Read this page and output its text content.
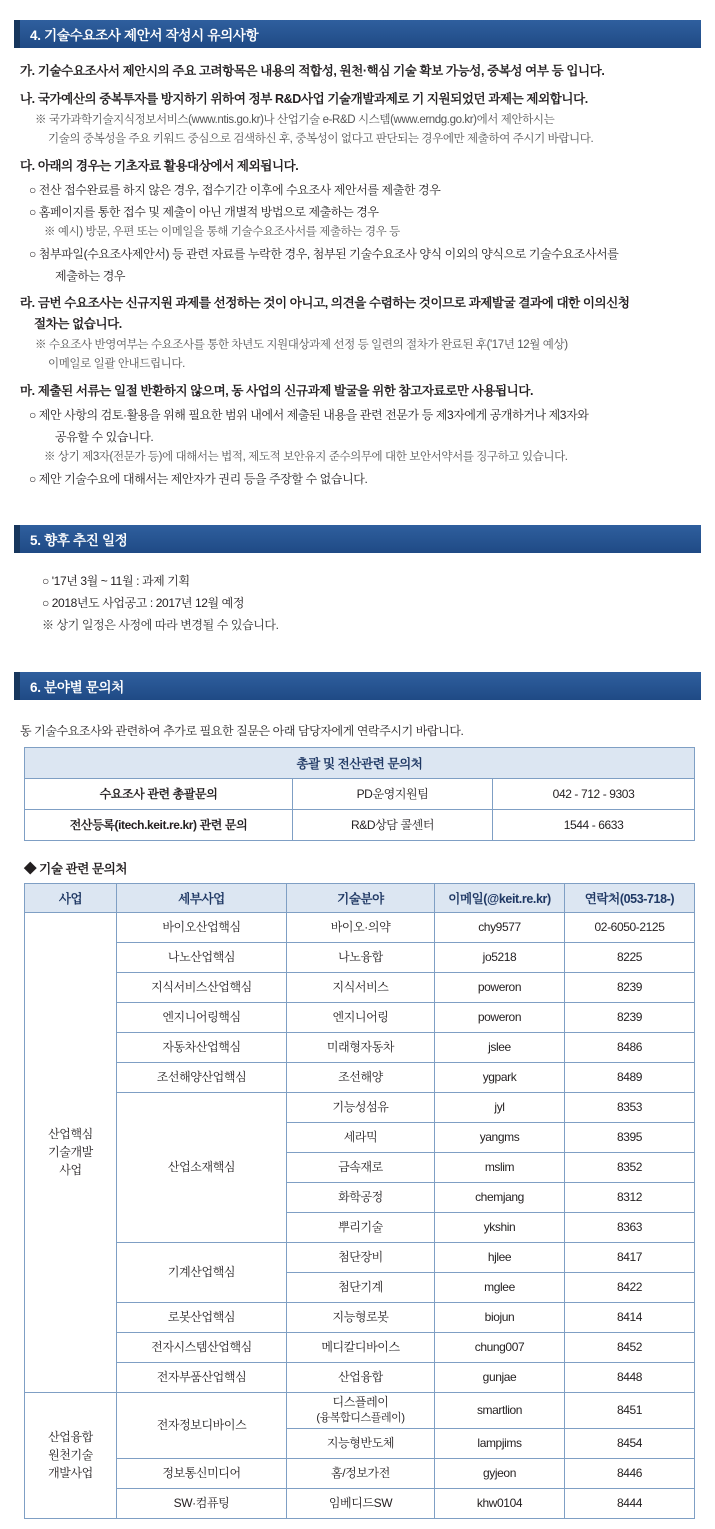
4. 기술수요조사 제안서 작성시 유의사항
가. 기술수요조사서 제안시의 주요 고려항목은 내용의 적합성, 원천·핵심 기술 확보 가능성, 중복성 여부 등 입니다.
나. 국가예산의 중복투자를 방지하기 위하여 정부 R&D사업 기술개발과제로 기 지원되었던 과제는 제외합니다.
※ 국가과학기술지식정보서비스(www.ntis.go.kr)나 산업기술 e-R&D 시스템(www.erndg.go.kr)에서 제안하시는
기술의 중복성을 주요 키워드 중심으로 검색하신 후, 중복성이 없다고 판단되는 경우에만 제출하여 주시기 바랍니다.
다. 아래의 경우는 기초자료 활용대상에서 제외됩니다.
○ 전산 접수완료를 하지 않은 경우, 접수기간 이후에 수요조사 제안서를 제출한 경우
○ 홈페이지를 통한 접수 및 제출이 아닌 개별적 방법으로 제출하는 경우
※ 예시) 방문, 우편 또는 이메일을 통해 기술수요조사서를 제출하는 경우 등
○ 첨부파일(수요조사제안서) 등 관련 자료를 누락한 경우, 첨부된 기술수요조사 양식 이외의 양식으로 기술수요조사서를
제출하는 경우
라. 금번 수요조사는 신규지원 과제를 선정하는 것이 아니고, 의견을 수렴하는 것이므로 과제발굴 결과에 대한 이의신청
절차는 없습니다.
※ 수요조사 반영여부는 수요조사를 통한 차년도 지원대상과제 선정 등 일련의 절차가 완료된 후('17년 12월 예상)
이메일로 일괄 안내드립니다.
마. 제출된 서류는 일절 반환하지 않으며, 동 사업의 신규과제 발굴을 위한 참고자료로만 사용됩니다.
○ 제안 사항의 검토·활용을 위해 필요한 범위 내에서 제출된 내용을 관련 전문가 등 제3자에게 공개하거나 제3자와
공유할 수 있습니다.
※ 상기 제3자(전문가 등)에 대해서는 법적, 제도적 보안유지 준수의무에 대한 보안서약서를 징구하고 있습니다.
○ 제안 기술수요에 대해서는 제안자가 권리 등을 주장할 수 없습니다.
5. 향후 추진 일정
○ '17년 3월 ~ 11월 : 과제 기획
○ 2018년도 사업공고 : 2017년 12월 예정
※ 상기 일정은 사정에 따라 변경될 수 있습니다.
6. 분야별 문의처
동 기술수요조사와 관련하여 추가로 필요한 질문은 아래 담당자에게 연락주시기 바랍니다.
총괄 및 전산관련 문의처		
수요조사 관련 총괄문의	PD운영지원팀	042 - 712 - 9303
전산등록(itech.keit.re.kr) 관련 문의	R&D상담 콜센터	1544 - 6633
◆ 기술 관련 문의처
사업	세부사업	기술분야	이메일(@keit.re.kr)	연락처(053-718-)
산업핵심
기술개발
사업	바이오산업핵심	바이오·의약	chy9577	02-6050-2125
	나노산업핵심	나노융합	jo5218	8225
	지식서비스산업핵심	지식서비스	poweron	8239
	엔지니어링핵심	엔지니어링	poweron	8239
	자동차산업핵심	미래형자동차	jslee	8486
	조선해양산업핵심	조선해양	ygpark	8489
	산업소재핵심	기능성섬유	jyl	8353
		세라믹	yangms	8395
		금속재로	mslim	8352
		화학공정	chemjang	8312
		뿌리기술	ykshin	8363
	기계산업핵심	첨단장비	hjlee	8417
		첨단기계	mglee	8422
	로봇산업핵심	지능형로봇	biojun	8414
	전자시스템산업핵심	메디칼디바이스	chung007	8452
	전자부품산업핵심	산업융합	gunjae	8448
산업융합
원천기술
개발사업	전자정보디바이스	디스플레이
(융복합디스플레이)	smartlion	8451
		지능형반도체	lampjims	8454
	정보통신미디어	홈/정보가전	gyjeon	8446
	SW·컴퓨팅	임베디드SW	khw0104	8444
